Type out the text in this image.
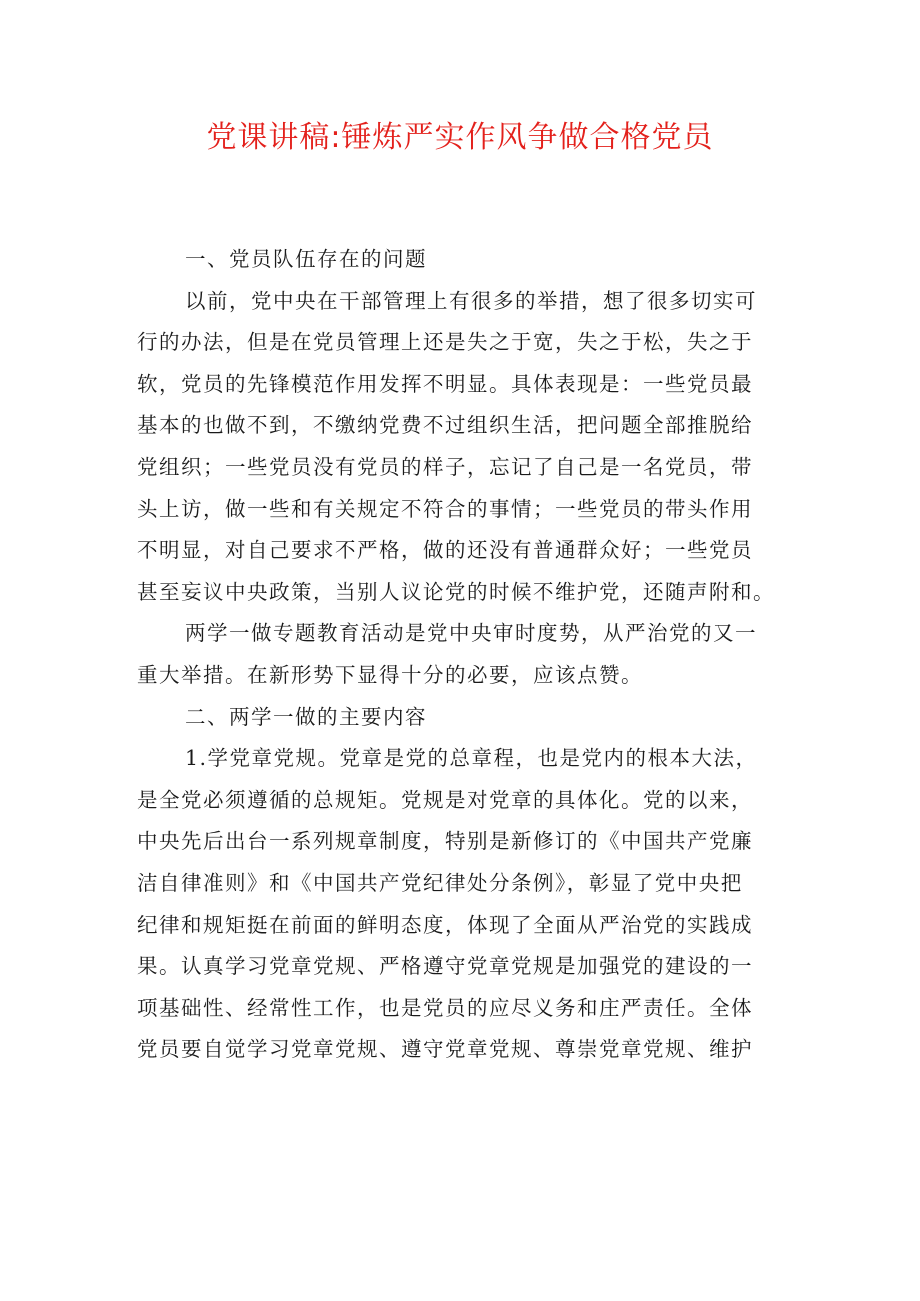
党课讲稿:锤炼严实作风争做合格党员

一、党员队伍存在的问题

以前，党中央在干部管理上有很多的举措，想了很多切实可

行的办法，但是在党员管理上还是失之于宽，失之于松，失之于

软，党员的先锋模范作用发挥不明显。具体表现是：一些党员最

基本的也做不到，不缴纳党费不过组织生活，把问题全部推脱给

党组织；一些党员没有党员的样子，忘记了自己是一名党员，带

头上访，做一些和有关规定不符合的事情；一些党员的带头作用

不明显，对自己要求不严格，做的还没有普通群众好；一些党员

甚至妄议中央政策，当别人议论党的时候不维护党，还随声附和。

两学一做专题教育活动是党中央审时度势，从严治党的又一

重大举措。在新形势下显得十分的必要，应该点赞。

二、两学一做的主要内容

1.学党章党规。党章是党的总章程，也是党内的根本大法，

是全党必须遵循的总规矩。党规是对党章的具体化。党的以来，

中央先后出台一系列规章制度，特别是新修订的《中国共产党廉

洁自律准则》和《中国共产党纪律处分条例》，彰显了党中央把

纪律和规矩挺在前面的鲜明态度，体现了全面从严治党的实践成

果。认真学习党章党规、严格遵守党章党规是加强党的建设的一

项基础性、经常性工作，也是党员的应尽义务和庄严责任。全体

党员要自觉学习党章党规、遵守党章党规、尊崇党章党规、维护
